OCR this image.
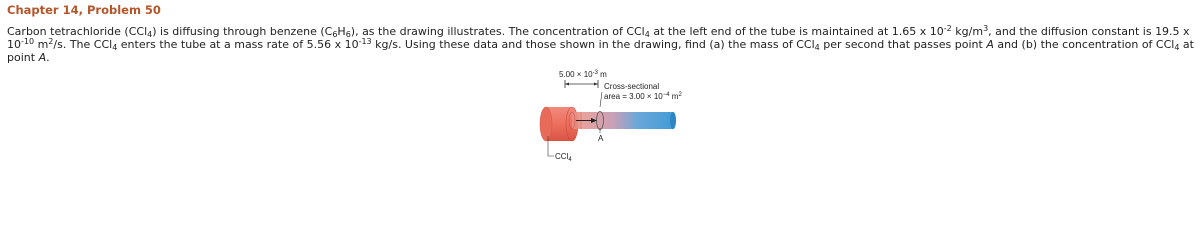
Chapter 14, Problem 50
Carbon tetrachloride (CCl$_4$) is diffusing through benzene $(C_6H_6)$, as the drawing illustrates. The concentration of CCl$_4$ at the left end of the tube is maintained at 1.65 x $10^{-2}$ $kg/m^3$, and the diffusion constant is 19.5 x $10^{-10}$ $m^2/s$. The CCl$_4$ enters the tube at a mass rate of 5.56 x $10^{-13}$ kg/s. Using these data and those shown in the drawing, find (a) the mass of CCl$_4$ per second that passes point A and (b) the concentration of CCl$_4$ at point A.
$5.00 \times 10^{-3}$ m
Cross-sectional
area = $3.00 \times 10^{-4}$ $m^2$
A
CCl$_4$
